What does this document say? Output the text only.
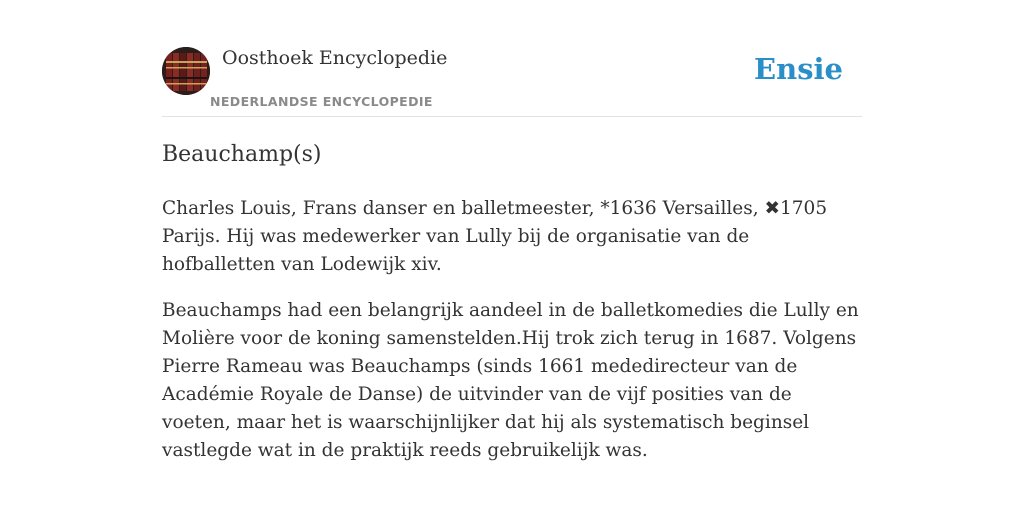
Oosthoek Encyclopedie
NEDERLANDSE ENCYCLOPEDIE
Ensie
Beauchamp(s)

Charles Louis, Frans danser en balletmeester, *1636 Versailles, ✖1705 Parijs. Hij was medewerker van Lully bij de organisatie van de hofballetten van Lodewijk xiv.

Beauchamps had een belangrijk aandeel in de balletkomedies die Lully en Molière voor de koning samenstelden.Hij trok zich terug in 1687. Volgens Pierre Rameau was Beauchamps (sinds 1661 mededirecteur van de Académie Royale de Danse) de uitvinder van de vijf posities van de voeten, maar het is waarschijnlijker dat hij als systematisch beginsel vastlegde wat in de praktijk reeds gebruikelijk was.
